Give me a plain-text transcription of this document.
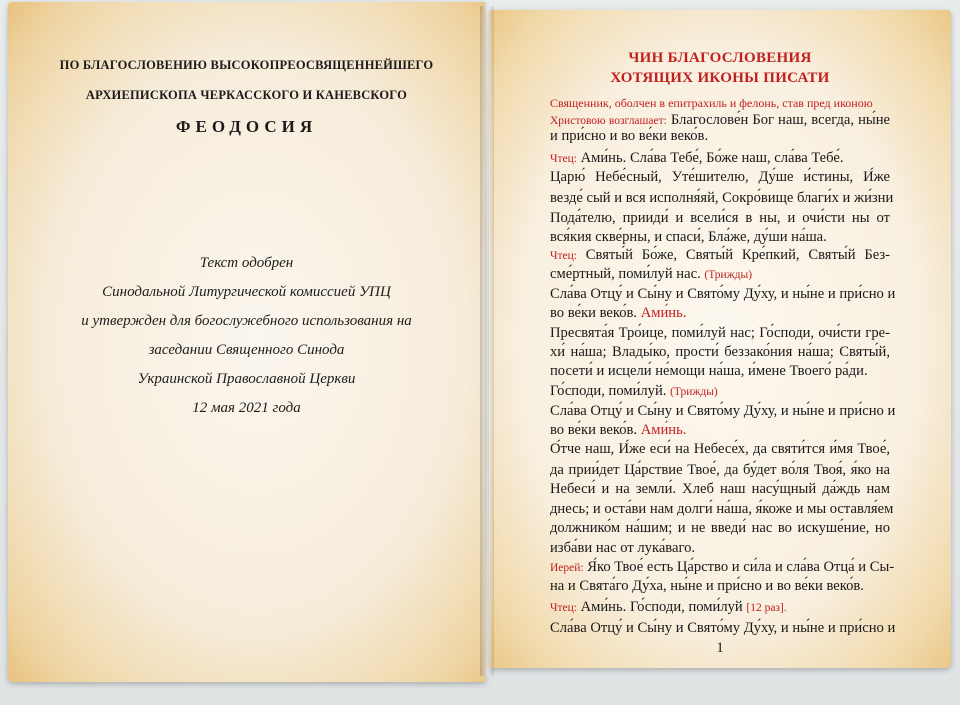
ПО БЛАГОСЛОВЕНИЮ ВЫСОКОПРЕОСВЯЩЕННЕЙШЕГО
АРХИЕПИСКОПА ЧЕРКАССКОГО И КАНЕВСКОГО
ФЕОДОСИЯ
Текст одобрен
Синодальной Литургической комиссией УПЦ
и утвержден для богослужебного использования на
заседании Священного Синода
Украинской Православной Церкви
12 мая 2021 года
ЧИН БЛАГОСЛОВЕНИЯ
ХОТЯЩИХ ИКОНЫ ПИСАТИ
Священник, оболчен в епитрахиль и фелонь, став пред иконою
Христовою возглашает: Благослове́н Бог наш, всегда, ны́не
и при́сно и во ве́ки веко́в.
Чтец: Ами́нь. Сла́ва Тебе́, Бо́же наш, сла́ва Тебе́.
Царю́ Небе́сный, Уте́шителю, Ду́ше и́стины, И́же
везде́ сый и вся исполня́яй, Сокро́вище благи́х и жи́зни
Пода́телю, прииди́ и всели́ся в ны, и очи́сти ны от
вся́кия скве́рны, и спаси́, Бла́же, ду́ши на́ша.
Чтец: Святы́й Бо́же, Святы́й Кре́пкий, Святы́й Без-
сме́ртный, поми́луй нас. (Трижды)
Сла́ва Отцу́ и Сы́ну и Свято́му Ду́ху, и ны́не и при́сно и
во ве́ки веко́в. Ами́нь.
Пресвята́я Тро́ице, поми́луй нас; Го́споди, очи́сти гре-
хи́ на́ша; Влады́ко, прости́ беззако́ния на́ша; Святы́й,
посети́ и исцели́ не́мощи на́ша, и́мене Твоего́ ра́ди.
Го́споди, поми́луй. (Трижды)
Сла́ва Отцу́ и Сы́ну и Свято́му Ду́ху, и ны́не и при́сно и
во ве́ки веко́в. Ами́нь.
О́тче наш, И́же еси́ на Небесе́х, да святи́тся и́мя Твое́,
да прии́дет Ца́рствие Твое́, да бу́дет во́ля Твоя́, я́ко на
Небеси́ и на земли́. Хлеб наш насу́щный да́ждь нам
днесь; и оста́ви нам долги́ на́ша, я́коже и мы оставля́ем
должнико́м на́шим; и не введи́ нас во искуше́ние, но
изба́ви нас от лука́ваго.
Иерей: Я́ко Твое́ есть Ца́рство и си́ла и сла́ва Отца́ и Сы-
на и Свята́го Ду́ха, ны́не и при́сно и во ве́ки веко́в.
Чтец: Ами́нь. Го́споди, поми́луй [12 раз].
Сла́ва Отцу́ и Сы́ну и Свято́му Ду́ху, и ны́не и при́сно и
1
